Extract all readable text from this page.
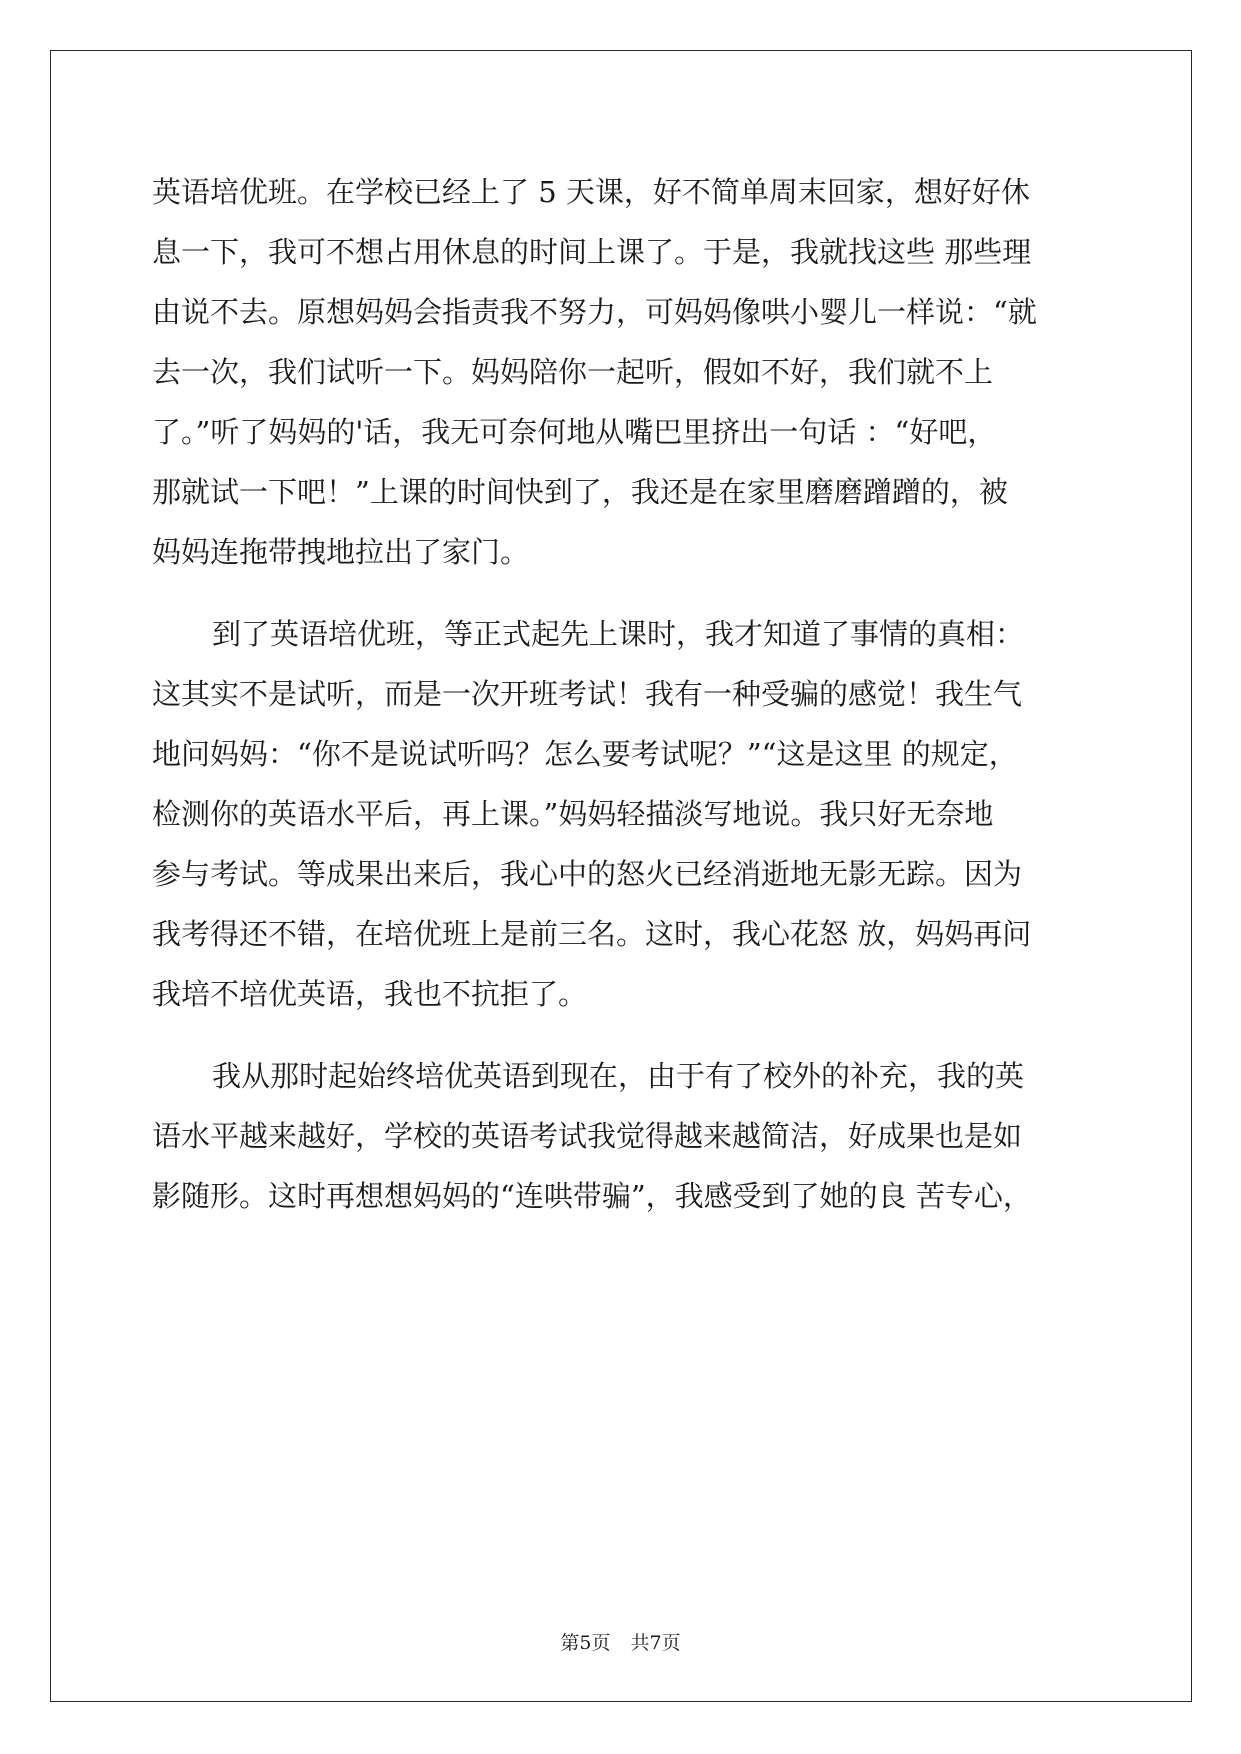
英语培优班。在学校已经上了 5 天课，好不简单周末回家，想好好休
息一下，我可不想占用休息的时间上课了。于是，我就找这些 那些理
由说不去。原想妈妈会指责我不努力，可妈妈像哄小婴儿一样说：“就
去一次，我们试听一下。妈妈陪你一起听，假如不好，我们就不上
了。”听了妈妈的'话，我无可奈何地从嘴巴里挤出一句话 ：“好吧，
那就试一下吧！”上课的时间快到了，我还是在家里磨磨蹭蹭的，被
妈妈连拖带拽地拉出了家门。
到了英语培优班，等正式起先上课时，我才知道了事情的真相：
这其实不是试听，而是一次开班考试！我有一种受骗的感觉！我生气
地问妈妈：“你不是说试听吗？怎么要考试呢？”“这是这里 的规定，
检测你的英语水平后，再上课。”妈妈轻描淡写地说。我只好无奈地
参与考试。等成果出来后，我心中的怒火已经消逝地无影无踪。因为
我考得还不错，在培优班上是前三名。这时，我心花怒 放，妈妈再问
我培不培优英语，我也不抗拒了。
我从那时起始终培优英语到现在，由于有了校外的补充，我的英
语水平越来越好，学校的英语考试我觉得越来越简洁，好成果也是如
影随形。这时再想想妈妈的“连哄带骗”，我感受到了她的良 苦专心，
第5页 共7页
